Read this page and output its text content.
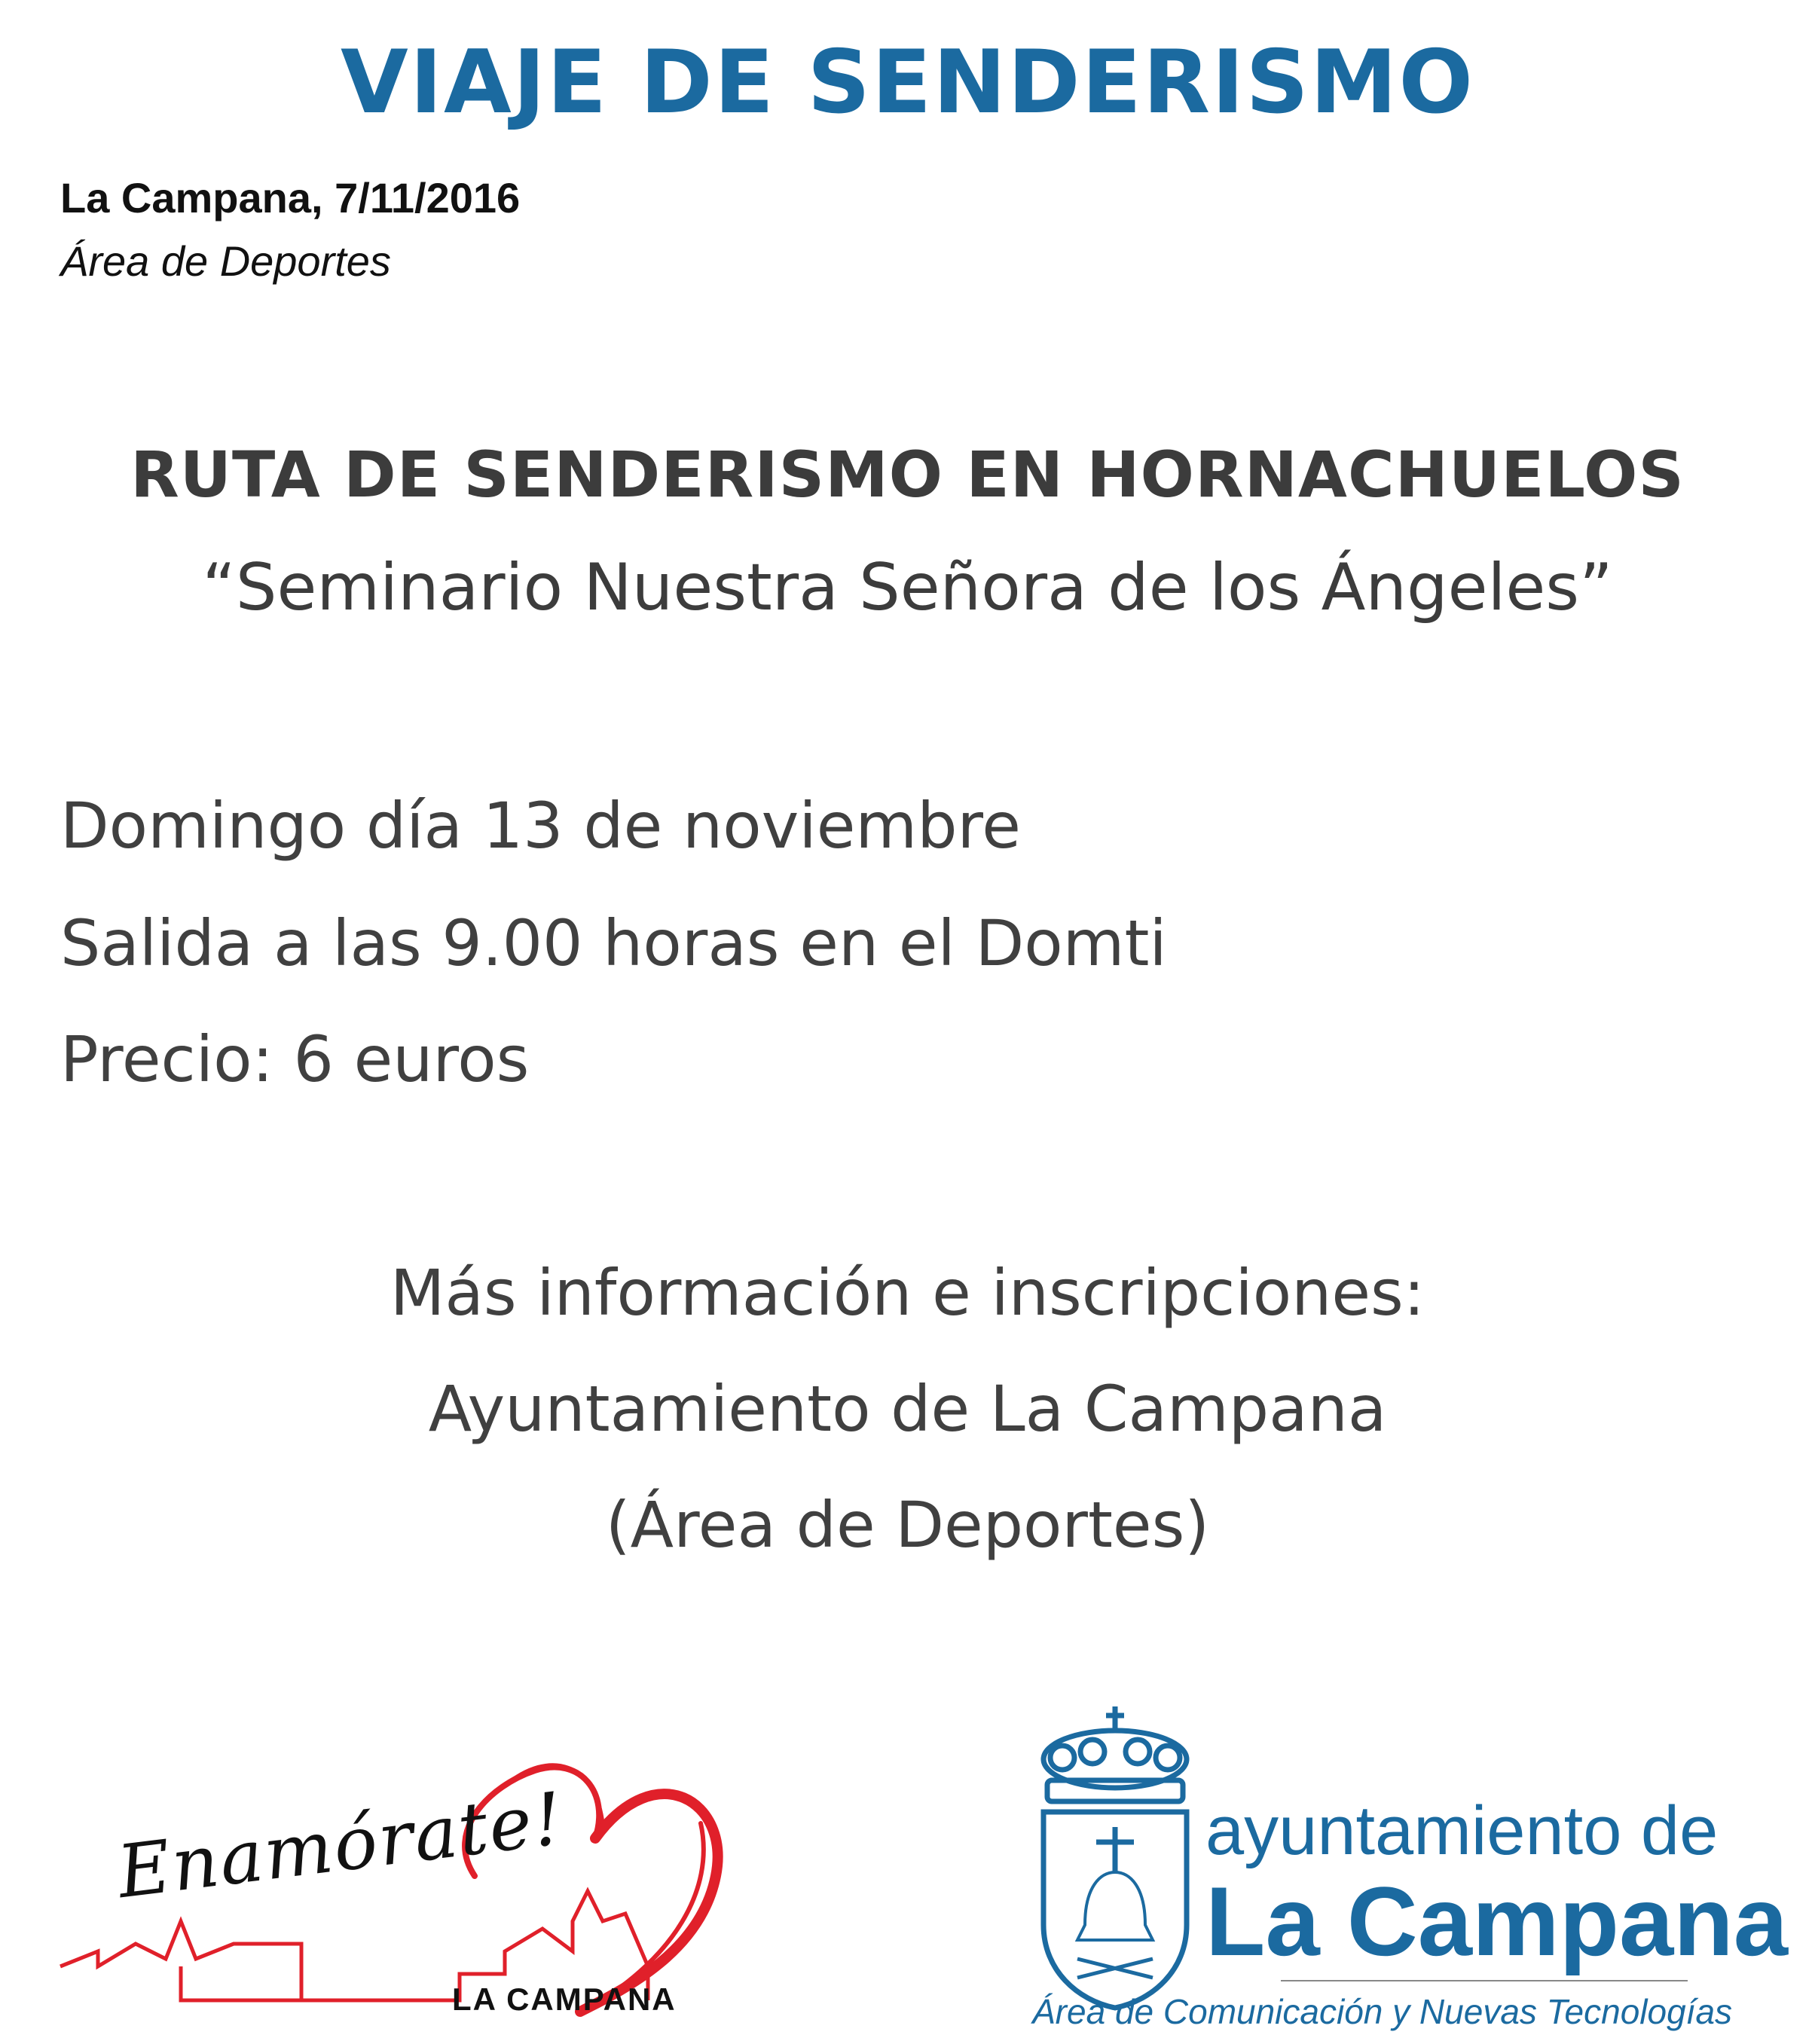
VIAJE DE SENDERISMO
La Campana, 7/11/2016
Área de Deportes
RUTA DE SENDERISMO EN HORNACHUELOS
“Seminario Nuestra Señora de los Ángeles”
Domingo día 13 de noviembre
Salida a las 9.00 horas en el Domti
Precio: 6 euros
Más información e inscripciones:
Ayuntamiento de La Campana
(Área de Deportes)
Enamórate!
LA CAMPANA
ayuntamiento de
La Campana
Área de Comunicación y Nuevas Tecnologías
